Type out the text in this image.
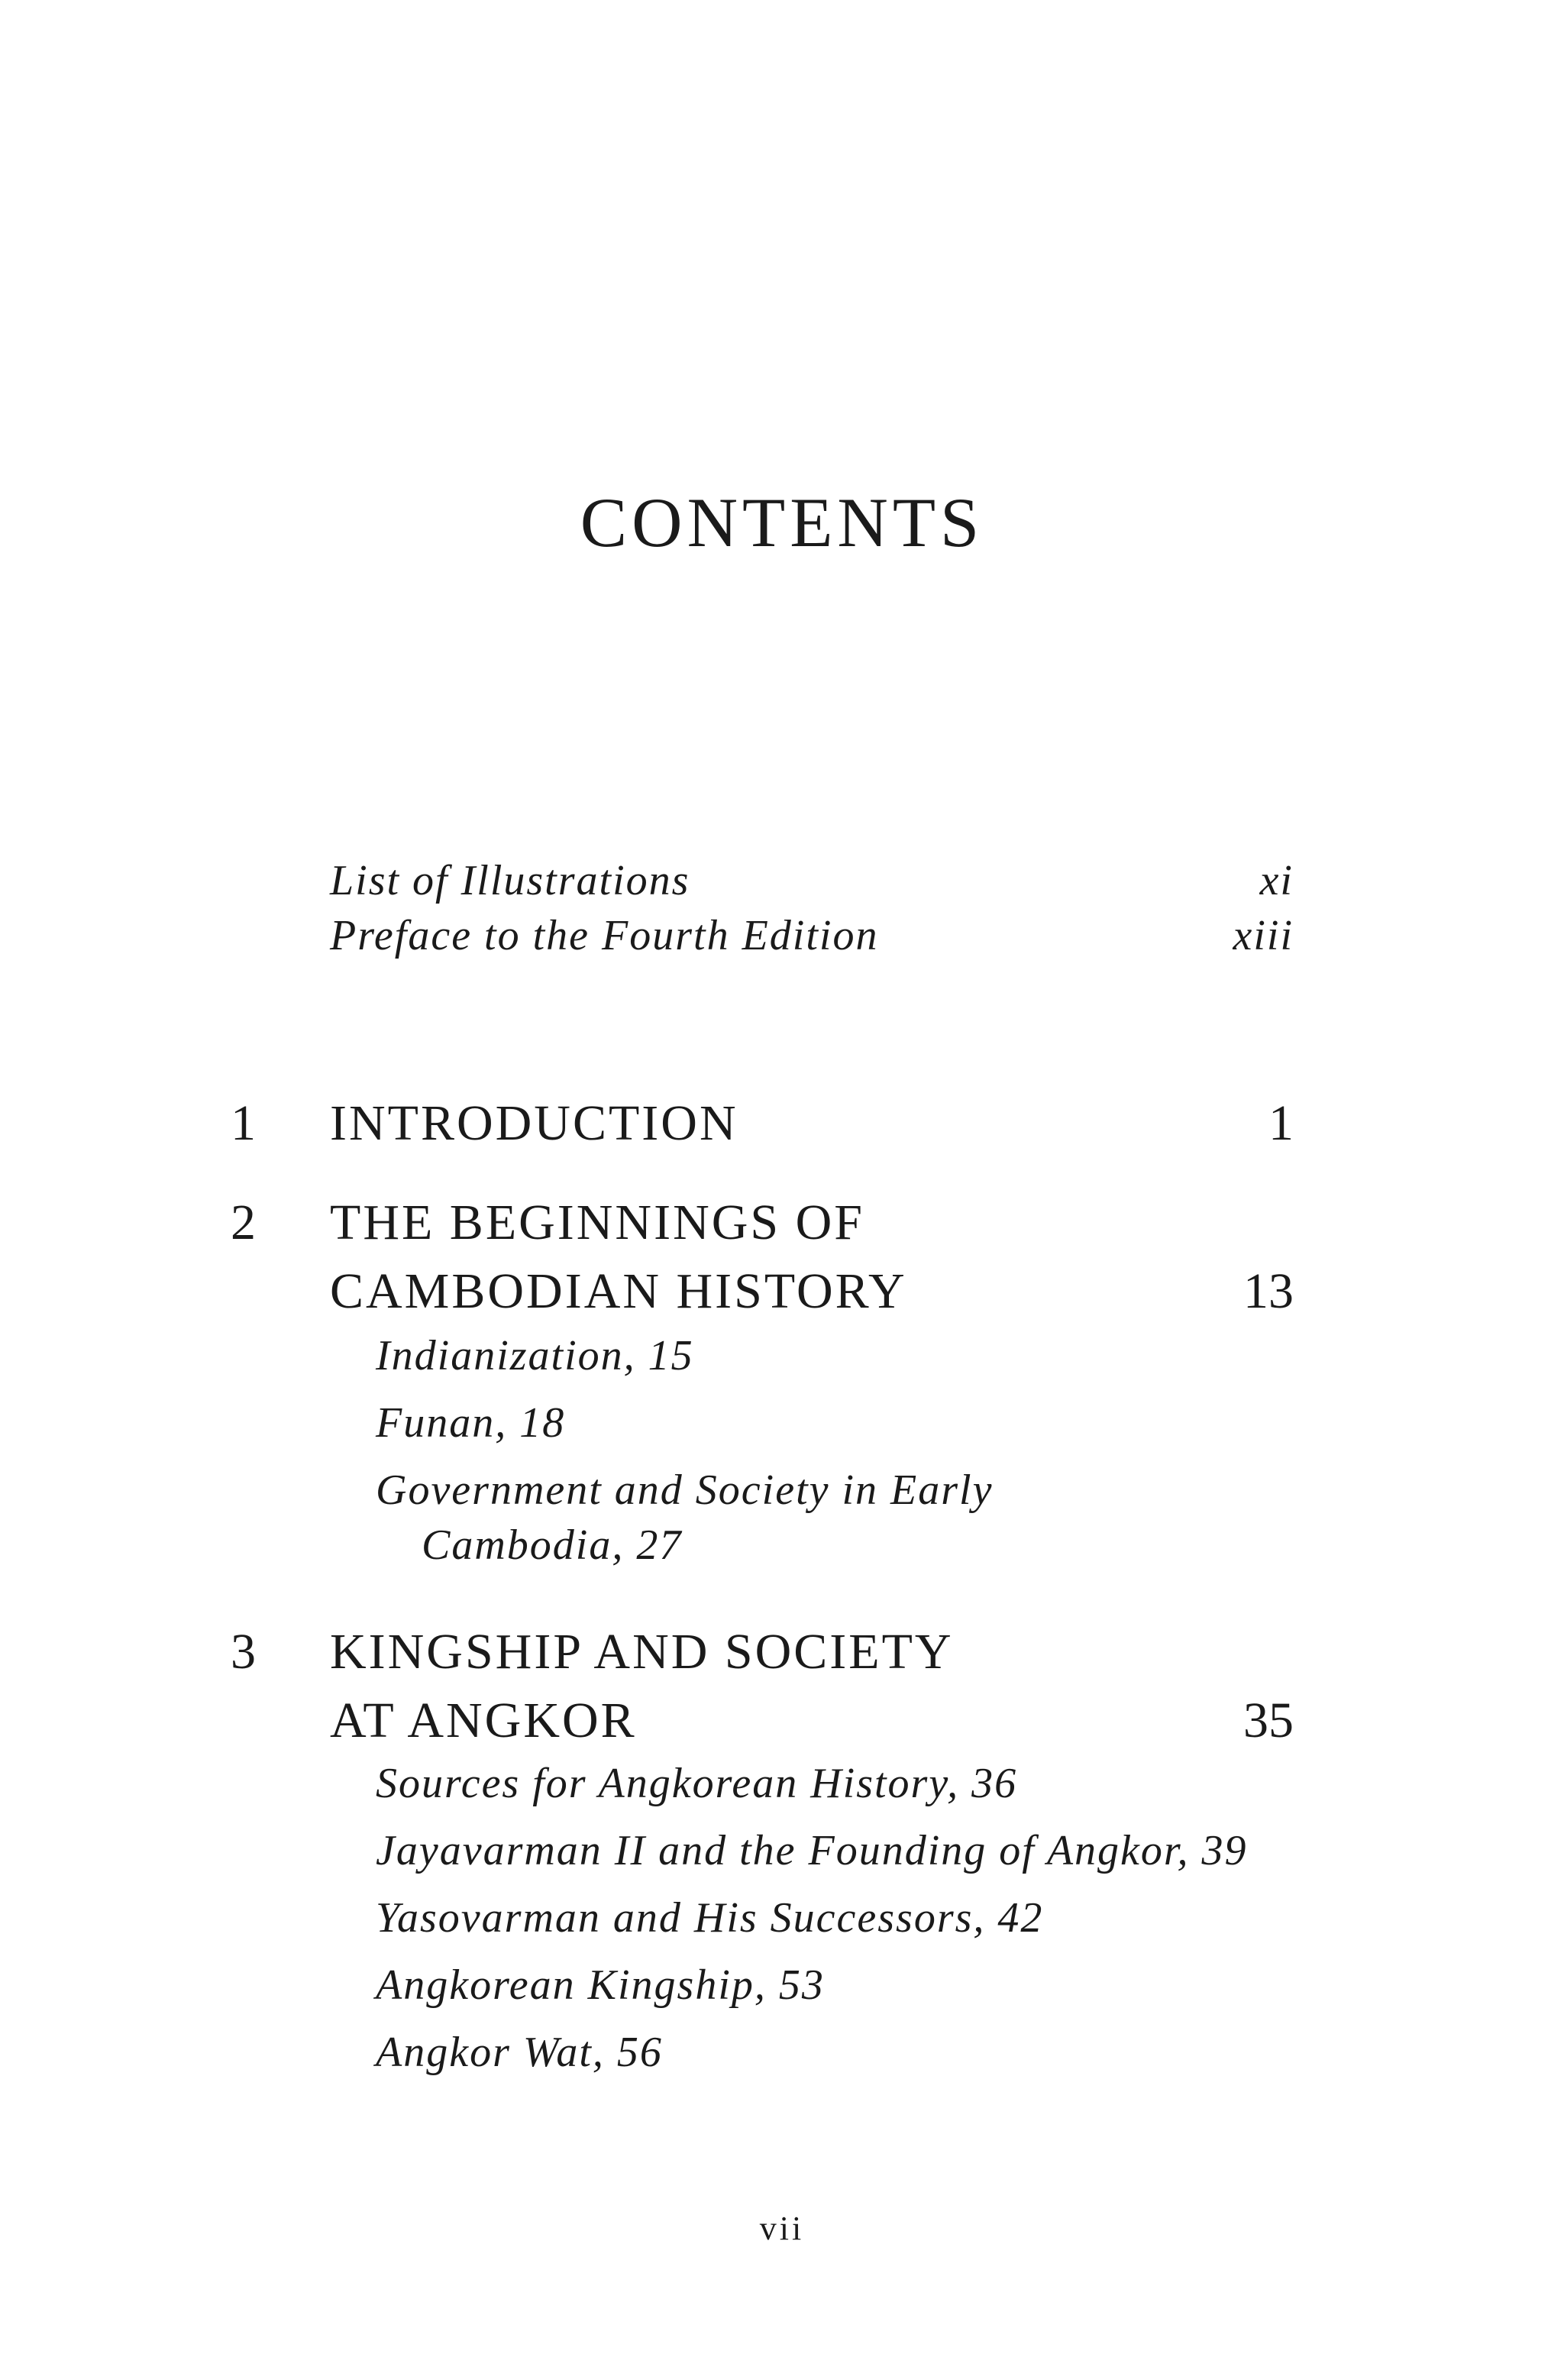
CONTENTS
List of Illustrations	xi
Preface to the Fourth Edition	xiii
1 INTRODUCTION	1
2 THE BEGINNINGS OF
CAMBODIAN HISTORY	13
Indianization, 15
Funan, 18
Government and Society in Early
Cambodia, 27
3 KINGSHIP AND SOCIETY
AT ANGKOR	35
Sources for Angkorean History, 36
Jayavarman II and the Founding of Angkor, 39
Yasovarman and His Successors, 42
Angkorean Kingship, 53
Angkor Wat, 56
vii
